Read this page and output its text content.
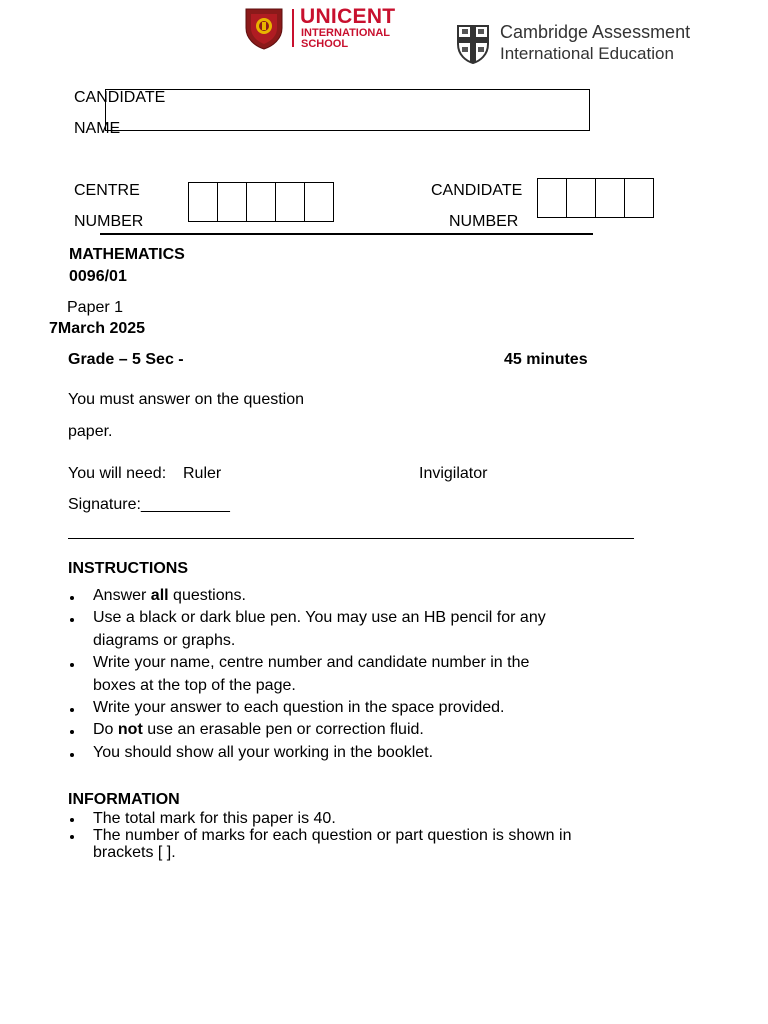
UNICENT
INTERNATIONAL
SCHOOL
Cambridge Assessment
International Education
CANDIDATE
NAME
CENTRE
NUMBER
CANDIDATE
NUMBER
MATHEMATICS
0096/01
Paper 1
7March 2025
Grade – 5 Sec -	45 minutes
You must answer on the question
paper.
You will need: Ruler	Invigilator
Signature:__________
INSTRUCTIONS
Answer all questions.
Use a black or dark blue pen. You may use an HB pencil for any
diagrams or graphs.
Write your name, centre number and candidate number in the
boxes at the top of the page.
Write your answer to each question in the space provided.
Do not use an erasable pen or correction fluid.
You should show all your working in the booklet.
INFORMATION
The total mark for this paper is 40.
The number of marks for each question or part question is shown in
brackets [ ].
